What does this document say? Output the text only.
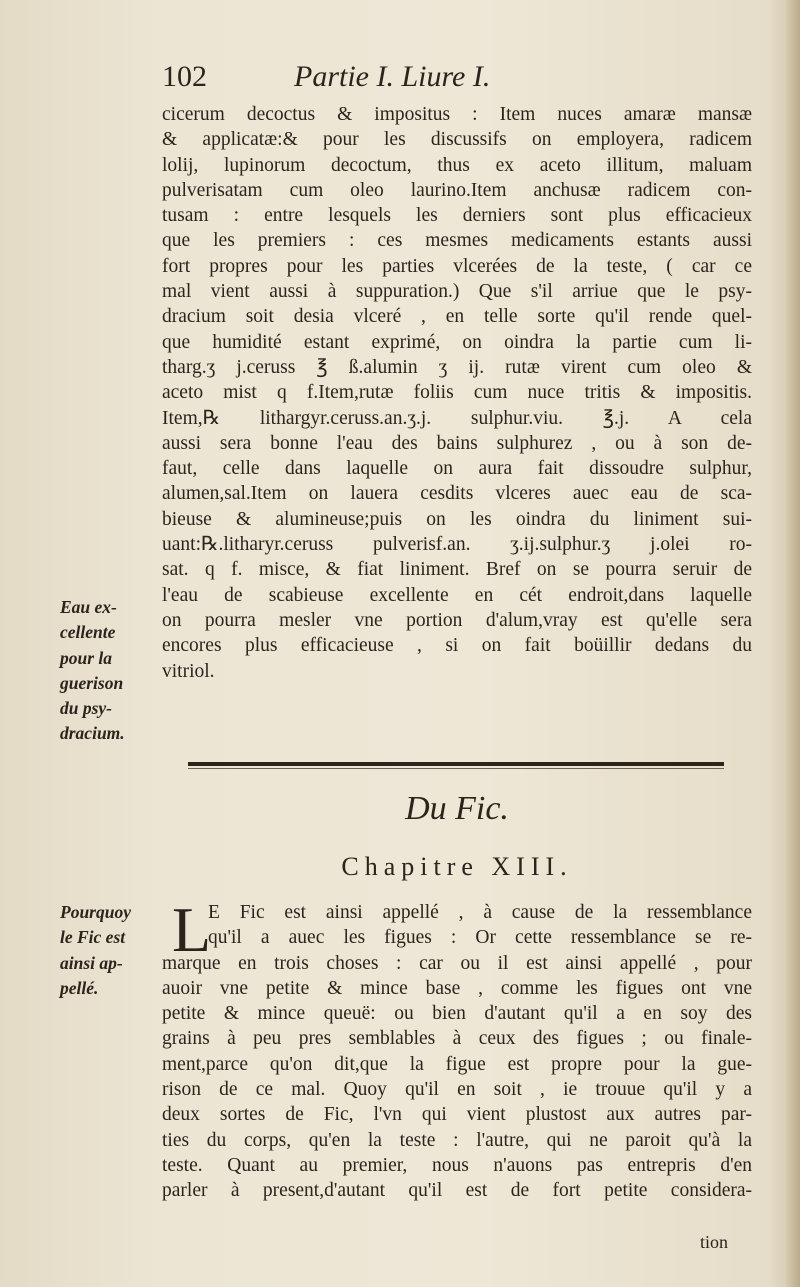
102	Partie I. Liure I.
cicerum decoctus & impositus : Item nuces amaræ mansæ
& applicatæ:& pour les discussifs on employera, radicem
lolij, lupinorum decoctum, thus ex aceto illitum, maluam
pulverisatam cum oleo laurino.Item anchusæ radicem con-
tusam : entre lesquels les derniers sont plus efficacieux
que les premiers : ces mesmes medicaments estants aussi
fort propres pour les parties vlcerées de la teste, ( car ce
mal vient aussi à suppuration.) Que s'il arriue que le psy-
dracium soit desia vlceré , en telle sorte qu'il rende quel-
que humidité estant exprimé, on oindra la partie cum li-
tharg.ʒ j.ceruss ℥ ß.alumin ʒ ij. rutæ virent cum oleo &
aceto mist q f.Item,rutæ foliis cum nuce tritis & impositis.
Item,℞ lithargyr.ceruss.an.ʒ.j. sulphur.viu. ℥.j. A cela
aussi sera bonne l'eau des bains sulphurez , ou à son de-
faut, celle dans laquelle on aura fait dissoudre sulphur,
alumen,sal.Item on lauera cesdits vlceres auec eau de sca-
bieuse & alumineuse;puis on les oindra du liniment sui-
uant:℞.litharyr.ceruss pulverisf.an. ʒ.ij.sulphur.ʒ j.olei ro-
sat. q f. misce, & fiat liniment. Bref on se pourra seruir de
l'eau de scabieuse excellente en cét endroit,dans laquelle
on pourra mesler vne portion d'alum,vray est qu'elle sera
encores plus efficacieuse , si on fait boüillir dedans du
vitriol.
Eau ex-
cellente
pour la
guerison
du psy-
dracium.
Du Fic.
Chapitre XIII.
L
E Fic est ainsi appellé , à cause de la ressemblance
qu'il a auec les figues : Or cette ressemblance se re-
marque en trois choses : car ou il est ainsi appellé , pour
auoir vne petite & mince base , comme les figues ont vne
petite & mince queuë: ou bien d'autant qu'il a en soy des
grains à peu pres semblables à ceux des figues ; ou finale-
ment,parce qu'on dit,que la figue est propre pour la gue-
rison de ce mal. Quoy qu'il en soit , ie trouue qu'il y a
deux sortes de Fic, l'vn qui vient plustost aux autres par-
ties du corps, qu'en la teste : l'autre, qui ne paroit qu'à la
teste. Quant au premier, nous n'auons pas entrepris d'en
parler à present,d'autant qu'il est de fort petite considera-
Pourquoy
le Fic est
ainsi ap-
pellé.
tion
